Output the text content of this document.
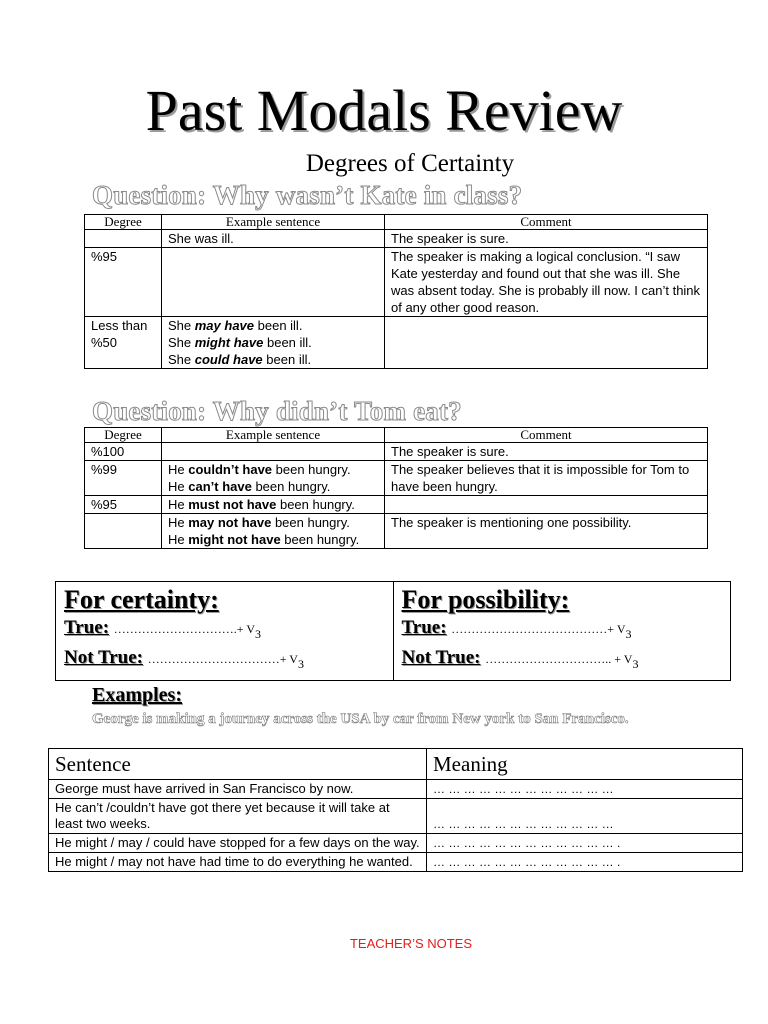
Past Modals Review
Degrees of Certainty
Question: Why wasn’t Kate in class?
Degree	Example sentence	Comment
	She was ill.	The speaker is sure.
%95		The speaker is making a logical conclusion. “I saw Kate yesterday and found out that she was ill. She was absent today. She is probably ill now. I can’t think of any other good reason.
Less than %50	She may have been ill.
She might have been ill.
She could have been ill.	

Question: Why didn’t Tom eat?
Degree	Example sentence	Comment
%100		The speaker is sure.
%99	He couldn’t have been hungry.
He can’t have been hungry.	The speaker believes that it is impossible for Tom to have been hungry.
%95	He must not have been hungry.	

	He may not have been hungry.
He might not have been hungry.	The speaker is mentioning one possibility.
For certainty:
True: ………………………….+ $V_3$
Not True: ……………………………+ $V_3$

For possibility:
True: …………………………………+ $V_3$
Not True: ………………………….. + $V_3$
Examples:
George is making a journey across the USA by car from New york to San Francisco.
Sentence	Meaning
George must have arrived in San Francisco by now.	… … … … … … … … … … … …
He can’t /couldn’t have got there yet because it will take at least two weeks.	… … … … … … … … … … … …
He might / may / could have stopped for a few days on the way.	… … … … … … … … … … … … .
He might / may not have had time to do everything he wanted.	… … … … … … … … … … … … .
TEACHER’S NOTES
